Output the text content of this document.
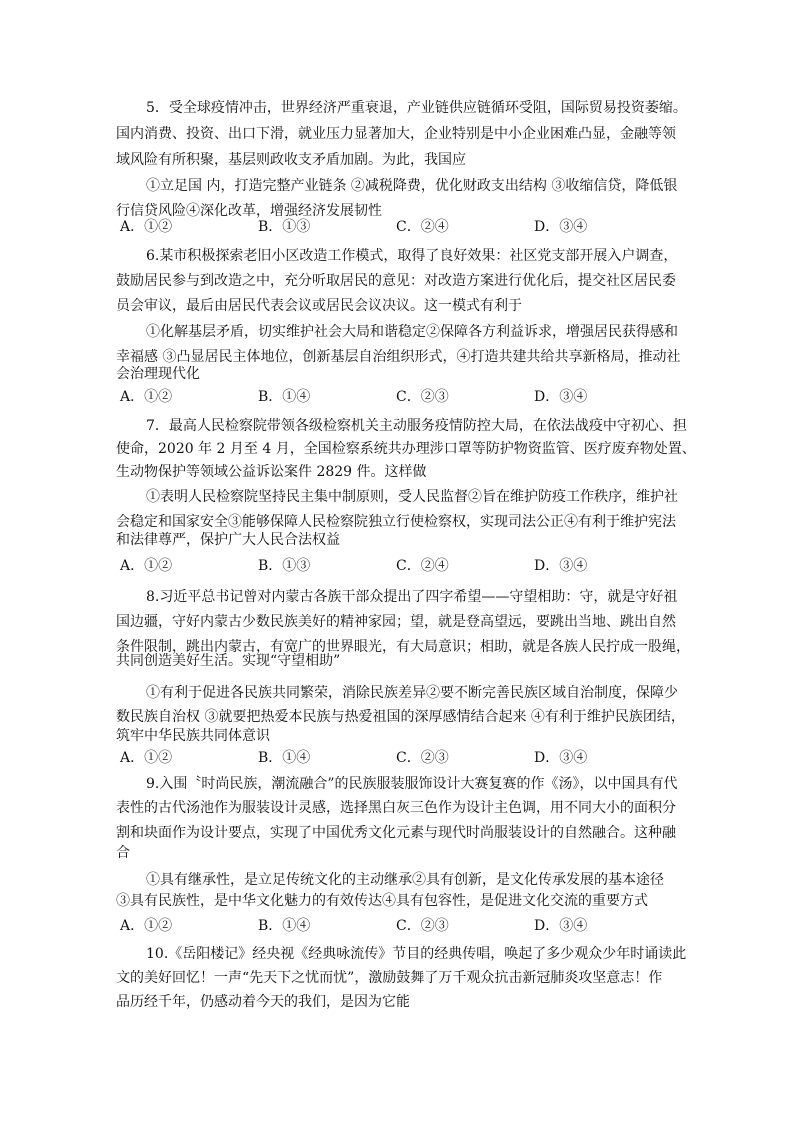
5．受全球疫情冲击，世界经济严重衰退，产业链供应链循环受阻，国际贸易投资萎缩。
国内消费、投资、出口下滑，就业压力显著加大，企业特别是中小企业困难凸显，金融等领
域风险有所积聚，基层则政收支矛盾加剧。为此，我国应
①立足国 内，打造完整产业链条 ②减税降费，优化财政支出结构 ③收缩信贷，降低银
行信贷风险④深化改革，增强经济发展韧性
A．①②	B．①③	C．②④	D．③④
6.某市积极探索老旧小区改造工作模式，取得了良好效果：社区党支部开展入户调查，
鼓励居民参与到改造之中，充分听取居民的意见：对改造方案进行优化后，提交社区居民委
员会审议，最后由居民代表会议或居民会议决议。这一模式有利于
①化解基层矛盾，切实维护社会大局和谐稳定②保障各方利益诉求，增强居民获得感和
幸福感 ③凸显居民主体地位，创新基层自治组织形式，④打造共建共给共享新格局，推动社
会治理现代化
A．①②	B．①④	C．②③	D．③④
7．最高人民检察院带领各级检察机关主动服务疫情防控大局，在依法战疫中守初心、担
使命，2020 年 2 月至 4 月，全国检察系统共办理涉口罩等防护物资监管、医疗废弃物处置、
生动物保护等领域公益诉讼案件 2829 件。这样做
①表明人民检察院坚持民主集中制原则，受人民监督②旨在维护防疫工作秩序，维护社
会稳定和国家安全③能够保障人民检察院独立行使检察权，实现司法公正④有利于维护宪法
和法律尊严，保护广大人民合法权益
A．①②	B．①③	C．②④	D．③④
8.习近平总书记曾对内蒙古各族干部众提出了四字希望——守望相助：守，就是守好祖
国边疆，守好内蒙古少数民族美好的精神家园；望，就是登高望远，要跳出当地、跳出自然
条件限制，跳出内蒙古，有宽广的世界眼光，有大局意识；相助，就是各族人民拧成一股绳，
共同创造美好生活。实现“守望相助”
①有利于促进各民族共同繁荣，消除民族差异②要不断完善民族区域自治制度，保障少
数民族自治权 ③就要把热爱本民族与热爱祖国的深厚感情结合起来 ④有利于维护民族团结，
筑牢中华民族共同体意识
A．①②	B．①④	C．②③	D．③④
9.入围〝时尚民族，潮流融合”的民族服装服饰设计大赛复赛的作《汤》，以中国具有代
表性的古代汤池作为服装设计灵感，选择黑白灰三色作为设计主色调，用不同大小的面积分
割和块面作为设计要点，实现了中国优秀文化元素与现代时尚服装设计的自然融合。这种融
合
①具有继承性，是立足传统文化的主动继承②具有创新，是文化传承发展的基本途径
③具有民族性，是中华文化魅力的有效传达④具有包容性，是促进文化交流的重要方式
A．①②	B．①④	C．②③	D．③④
10.《岳阳楼记》经央视《经典咏流传》节目的经典传唱，唤起了多少观众少年时诵读此
文的美好回忆！一声“先天下之忧而忧”，激励鼓舞了万千观众抗击新冠肺炎攻坚意志！作
品历经千年，仍感动着今天的我们，是因为它能
